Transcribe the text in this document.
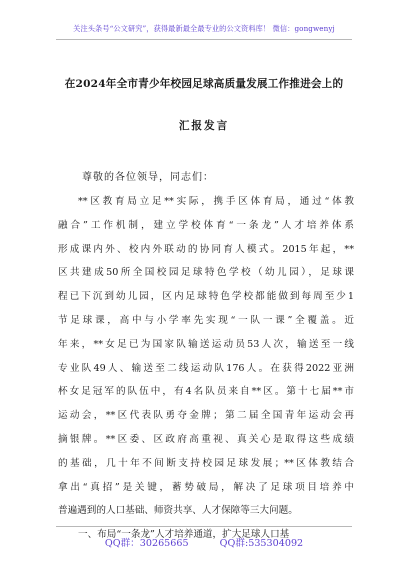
关注头条号“公文研究”，获得最新最全最专业的公文资料库！ 微信：gongwenyj
在2024年全市青少年校园足球高质量发展工作推进会上的
汇报发言
尊敬的各位领导，同志们：
**区教育局立足**实际，携手区体育局，通过“体教
融合”工作机制，建立学校体育“一条龙”人才培养体系
形成课内外、校内外联动的协同育人模式。2015年起，**
区共建成50所全国校园足球特色学校（幼儿园），足球课
程已下沉到幼儿园，区内足球特色学校都能做到每周至少1
节足球课，高中与小学率先实现“一队一课”全覆盖。近
年来，**女足已为国家队输送运动员53人次，输送至一线
专业队49人、输送至二线运动队176人。在获得2022亚洲
杯女足冠军的队伍中，有4名队员来自**区。第十七届**市
运动会，**区代表队勇夺金牌；第二届全国青年运动会再
摘银牌。**区委、区政府高重视、真关心是取得这些成绩
的基础，几十年不间断支持校园足球发展；**区体教结合
拿出“真招”是关键，蓄势破局，解决了足球项目培养中
普遍遇到的人口基础、师资共享、人才保障等三大问题。
一、布局“一条龙”人才培养通道，扩大足球人口基
QQ群：30265665	QQ群:535304092
